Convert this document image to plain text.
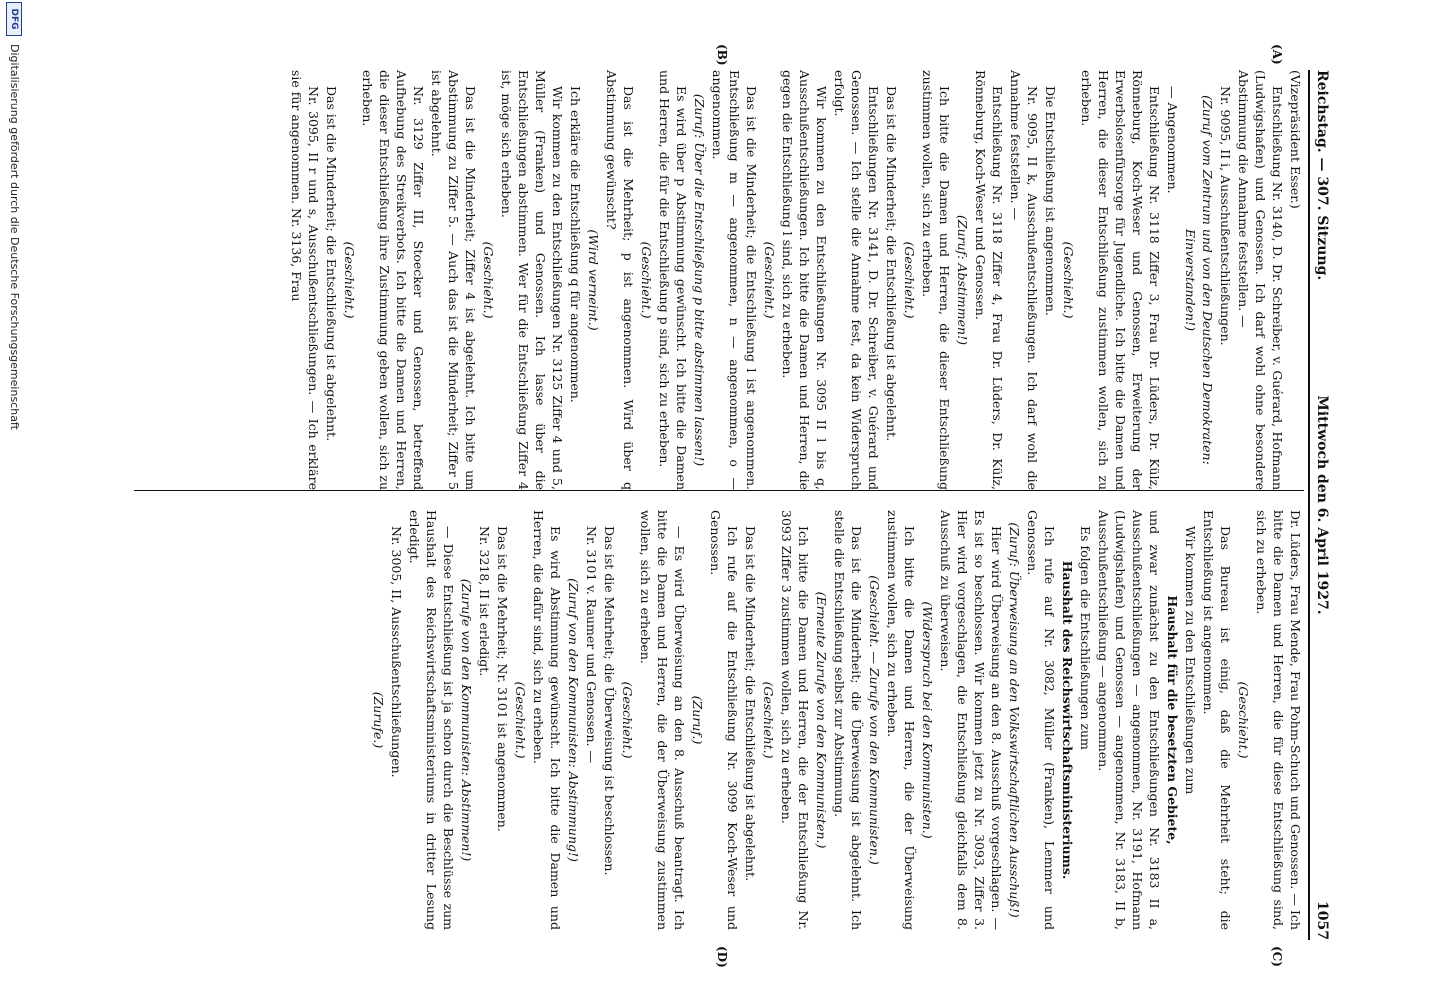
Reichstag. — 307. Sitzung.
Mittwoch den 6. April 1927.
1057
(A)
(B)
(C)
(D)

(Vizepräsident Esser.)

Entschließung Nr. 3140, D. Dr. Schreiber, v. Guérard, Hofmann (Ludwigshafen) und Genossen. Ich darf wohl ohne besondere Abstimmung die Annahme feststellen. —

Nr. 9095, II i, Ausschußentschließungen.

(Zuruf vom Zentrum und von den Deutschen Demokraten: Einverstanden!)

— Angenommen.

Entschließung Nr. 3118 Ziffer 3, Frau Dr. Lüders, Dr. Külz, Rönneburg, Koch-Weser und Genossen, Erweiterung der Erwerbslosenfürsorge für Jugendliche. Ich bitte die Damen und Herren, die dieser Entschließung zustimmen wollen, sich zu erheben.

(Geschieht.)

Die Entschließung ist angenommen.

Nr. 9095, II k, Ausschußentschließungen. Ich darf wohl die Annahme feststellen. —

Entschließung Nr. 3118 Ziffer 4, Frau Dr. Lüders, Dr. Külz, Rönneburg, Koch-Weser und Genossen.

(Zuruf: Abstimmen!)

Ich bitte die Damen und Herren, die dieser Entschließung zustimmen wollen, sich zu erheben.

(Geschieht.)

Das ist die Minderheit; die Entschließung ist abgelehnt.

Entschließungen Nr. 3141, D. Dr. Schreiber, v. Guérard und Genossen. — Ich stelle die Annahme fest, da kein Widerspruch erfolgt.

Wir kommen zu den Entschließungen Nr. 3095 II l bis q, Ausschußentschließungen. Ich bitte die Damen und Herren, die gegen die Entschließung l sind, sich zu erheben.

(Geschieht.)

Das ist die Minderheit; die Entschließung l ist angenommen. Entschließung m — angenommen, n — angenommen, o — angenommen.

(Zuruf: Über die Entschließung p bitte abstimmen lassen!)

Es wird über p Abstimmung gewünscht. Ich bitte die Damen und Herren, die für die Entschließung p sind, sich zu erheben.

(Geschieht.)

Das ist die Mehrheit; p ist angenommen. Wird über q Abstimmung gewünscht?

(Wird verneint.)

Ich erkläre die Entschließung q für angenommen.

Wir kommen zu den Entschließungen Nr. 3125 Ziffer 4 und 5, Müller (Franken) und Genossen. Ich lasse über die Entschließungen abstimmen. Wer für die Entschließung Ziffer 4 ist, möge sich erheben.

(Geschieht.)

Das ist die Minderheit; Ziffer 4 ist abgelehnt. Ich bitte um Abstimmung zu Ziffer 5. — Auch das ist die Minderheit; Ziffer 5 ist abgelehnt.

Nr. 3129 Ziffer III, Stoecker und Genossen, betreffend Aufhebung des Streikverbots. Ich bitte die Damen und Herren, die dieser Entschließung ihre Zustimmung geben wollen, sich zu erheben.

(Geschieht.)

Das ist die Minderheit; die Entschließung ist abgelehnt.

Nr. 3095, II r und s, Ausschußentschließungen. — Ich erkläre sie für angenommen. Nr. 3136, Frau

Dr. Lüders, Frau Mende, Frau Pohm-Schuch und Genossen. — Ich bitte die Damen und Herren, die für diese Entschließung sind, sich zu erheben.

(Geschieht.)

Das Bureau ist einig, daß die Mehrheit steht; die Entschließung ist angenommen.

Wir kommen zu den Entschließungen zum

Haushalt für die besetzten Gebiete,

und zwar zunächst zu den Entschließungen Nr. 3183 II a, Ausschußentschließungen — angenommen, Nr. 3191, Hofmann (Ludwigshafen) und Genossen — angenommen, Nr. 3183, II b, Ausschußentschließung — angenommen.

Es folgen die Entschließungen zum

Haushalt des Reichswirtschaftsministeriums.

Ich rufe auf Nr. 3082, Müller (Franken), Lemmer und Genossen.

(Zuruf: Überweisung an den Volkswirtschaftlichen Ausschuß!)

Hier wird Überweisung an den 8. Ausschuß vorgeschlagen. — Es ist so beschlossen. Wir kommen jetzt zu Nr. 3093, Ziffer 3. Hier wird vorgeschlagen, die Entschließung gleichfalls dem 8. Ausschuß zu überweisen.

(Widerspruch bei den Kommunisten.)

Ich bitte die Damen und Herren, die der Überweisung zustimmen wollen, sich zu erheben.

(Geschieht. — Zurufe von den Kommunisten.)

Das ist die Minderheit; die Überweisung ist abgelehnt. Ich stelle die Entschließung selbst zur Abstimmung.

(Erneute Zurufe von den Kommunisten.)

Ich bitte die Damen und Herren, die der Entschließung Nr. 3093 Ziffer 3 zustimmen wollen, sich zu erheben.

(Geschieht.)

Das ist die Minderheit; die Entschließung ist abgelehnt.

Ich rufe auf die Entschließung Nr. 3099 Koch-Weser und Genossen.

(Zuruf.)

— Es wird Überweisung an den 8. Ausschuß beantragt. Ich bitte die Damen und Herren, die der Überweisung zustimmen wollen, sich zu erheben.

(Geschieht.)

Das ist die Mehrheit; die Überweisung ist beschlossen.

Nr. 3101 v. Raumer und Genossen. —

(Zuruf von den Kommunisten: Abstimmung!)

Es wird Abstimmung gewünscht. Ich bitte die Damen und Herren, die dafür sind, sich zu erheben.

(Geschieht.)

Das ist die Mehrheit; Nr. 3101 ist angenommen.

Nr. 3218, II ist erledigt.

(Zurufe von den Kommunisten: Abstimmen!)

— Diese Entschließung ist ja schon durch die Beschlüsse zum Haushalt des Reichswirtschaftsministeriums in dritter Lesung erledigt.

Nr. 3005, II, Ausschußentschließungen.

(Zurufe.)

DFG
Digitalisierung gefördert durch die Deutsche Forschungsgemeinschaft
